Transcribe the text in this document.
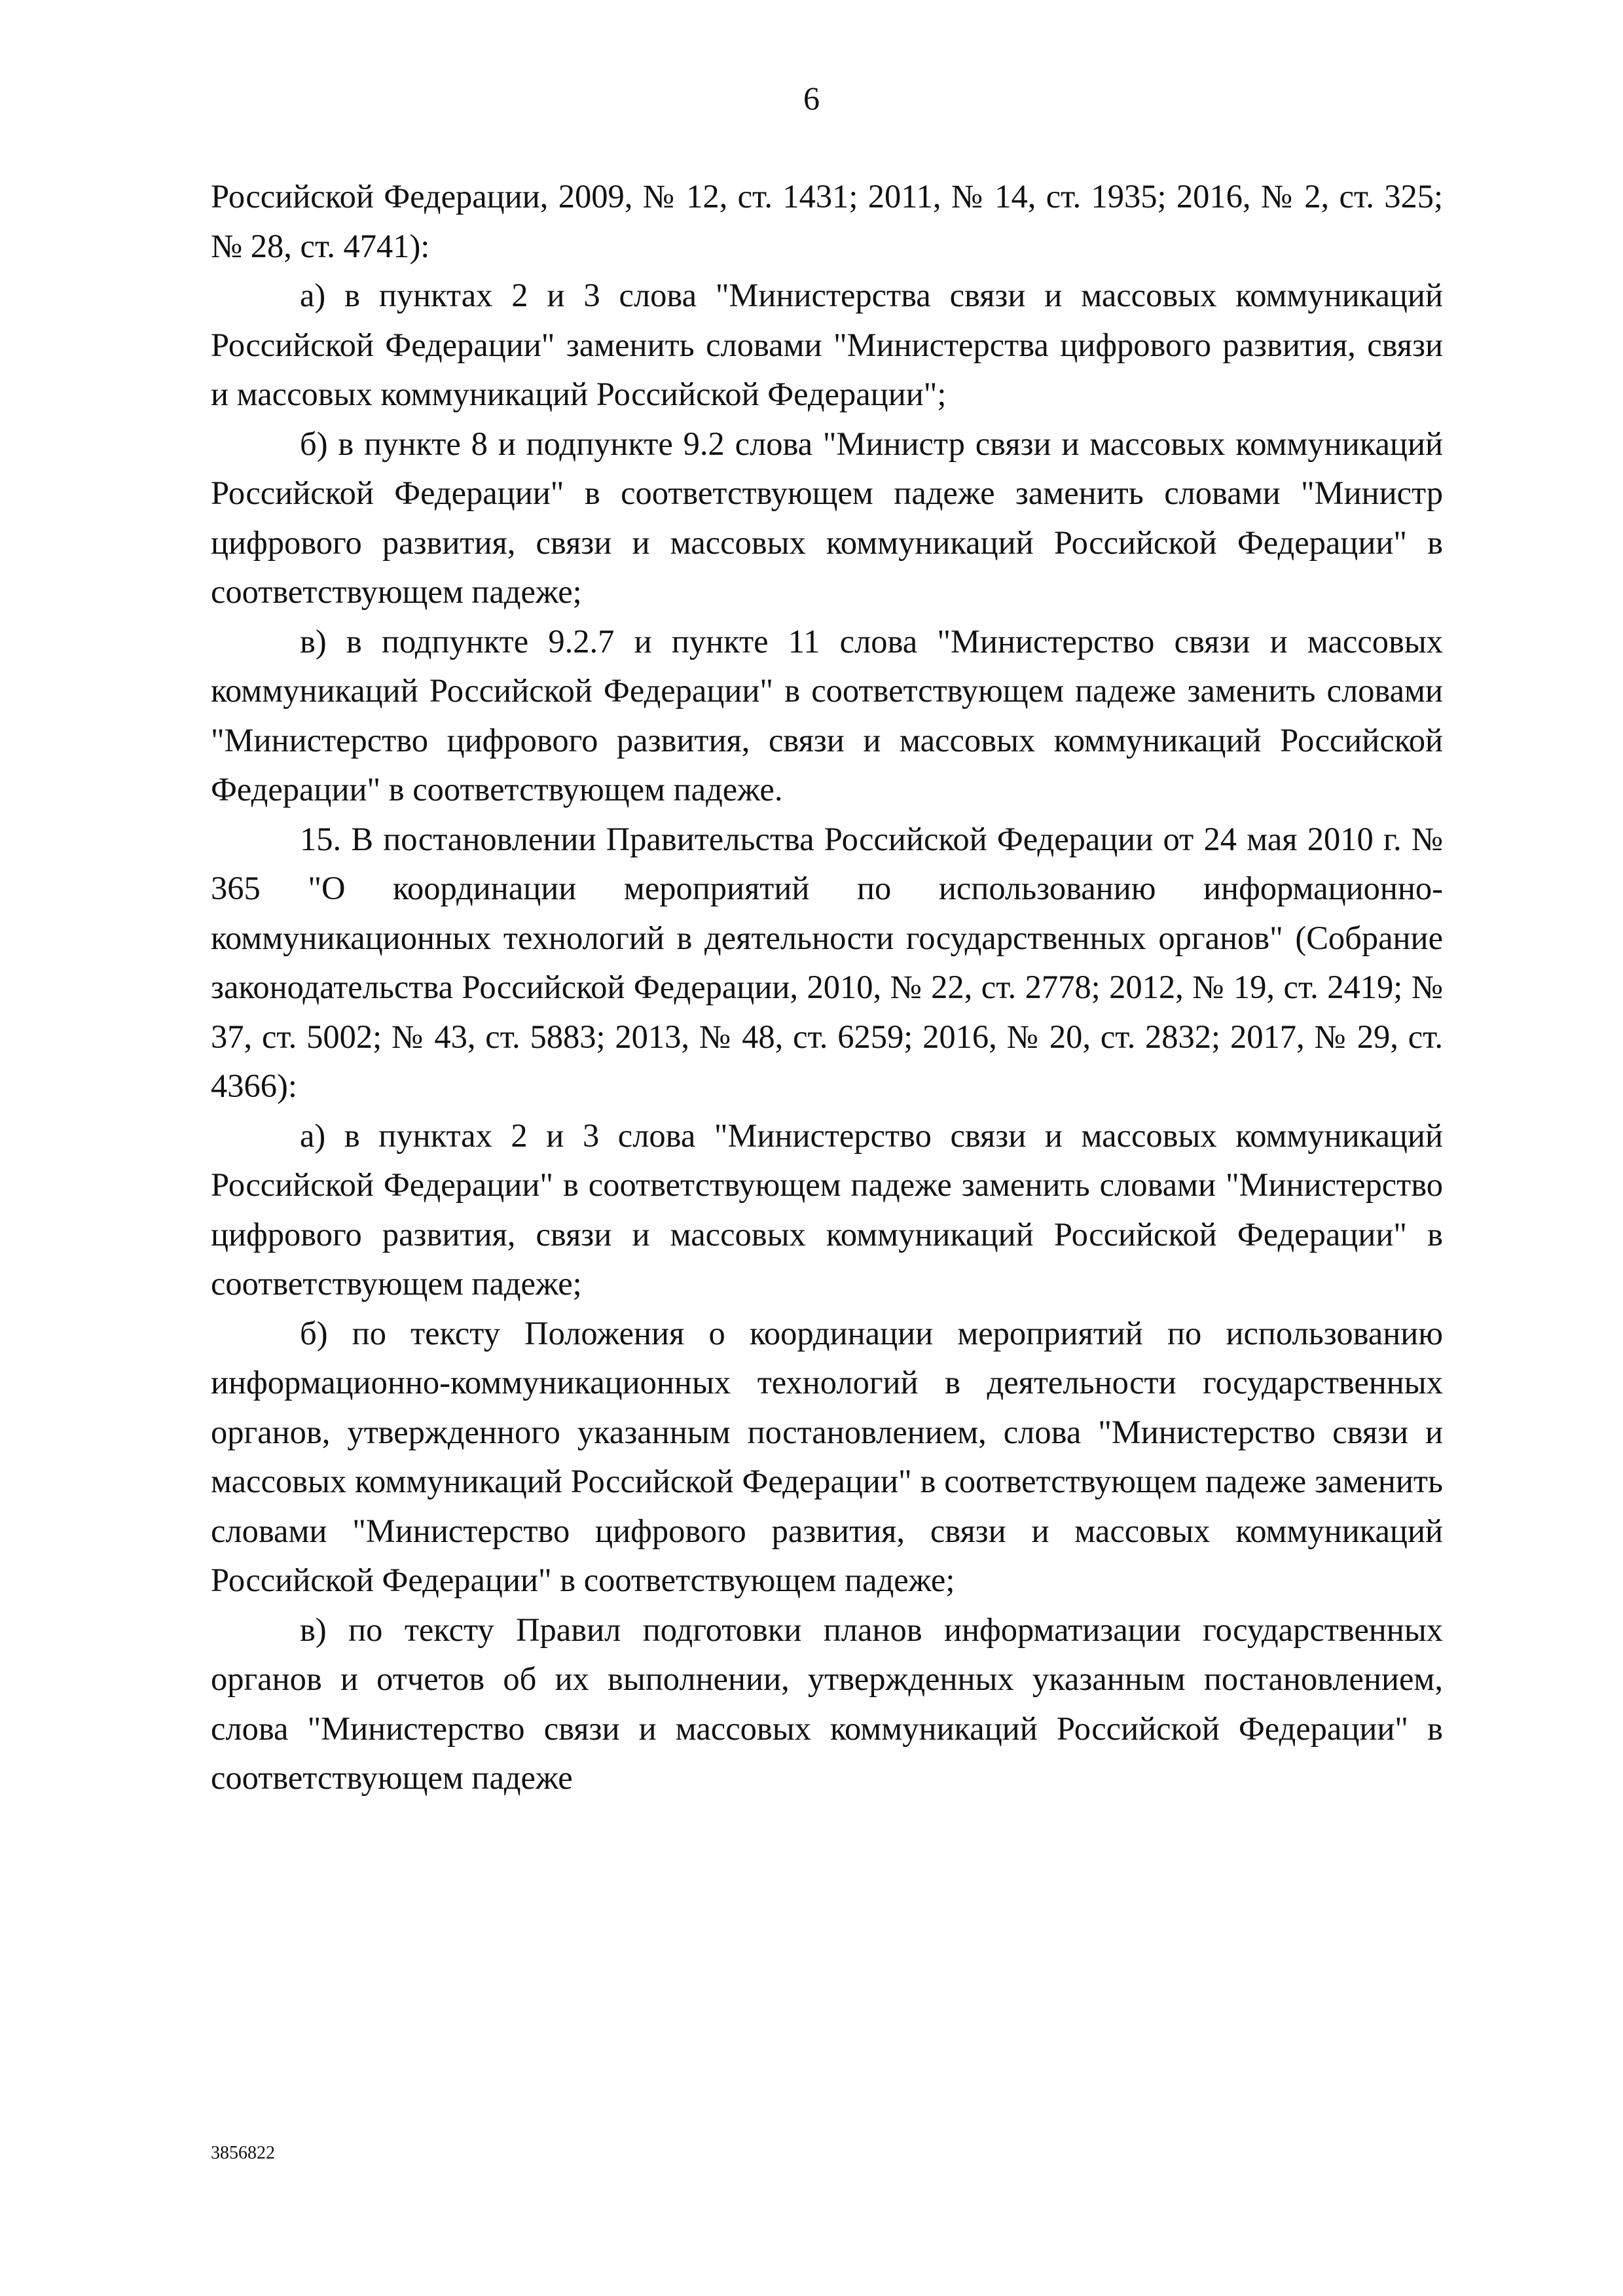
6

Российской Федерации, 2009, № 12, ст. 1431; 2011, № 14, ст. 1935; 2016, № 2, ст. 325; № 28, ст. 4741):

а) в пунктах 2 и 3 слова "Министерства связи и массовых коммуникаций Российской Федерации" заменить словами "Министерства цифрового развития, связи и массовых коммуникаций Российской Федерации";

б) в пункте 8 и подпункте 9.2 слова "Министр связи и массовых коммуникаций Российской Федерации" в соответствующем падеже заменить словами "Министр цифрового развития, связи и массовых коммуникаций Российской Федерации" в соответствующем падеже;

в) в подпункте 9.2.7 и пункте 11 слова "Министерство связи и массовых коммуникаций Российской Федерации" в соответствующем падеже заменить словами "Министерство цифрового развития, связи и массовых коммуникаций Российской Федерации" в соответствующем падеже.

15. В постановлении Правительства Российской Федерации от 24 мая 2010 г. № 365 "О координации мероприятий по использованию информационно-коммуникационных технологий в деятельности государственных органов" (Собрание законодательства Российской Федерации, 2010, № 22, ст. 2778; 2012, № 19, ст. 2419; № 37, ст. 5002; № 43, ст. 5883; 2013, № 48, ст. 6259; 2016, № 20, ст. 2832; 2017, № 29, ст. 4366):

а) в пунктах 2 и 3 слова "Министерство связи и массовых коммуникаций Российской Федерации" в соответствующем падеже заменить словами "Министерство цифрового развития, связи и массовых коммуникаций Российской Федерации" в соответствующем падеже;

б) по тексту Положения о координации мероприятий по использованию информационно-коммуникационных технологий в деятельности государственных органов, утвержденного указанным постановлением, слова "Министерство связи и массовых коммуникаций Российской Федерации" в соответствующем падеже заменить словами "Министерство цифрового развития, связи и массовых коммуникаций Российской Федерации" в соответствующем падеже;

в) по тексту Правил подготовки планов информатизации государственных органов и отчетов об их выполнении, утвержденных указанным постановлением, слова "Министерство связи и массовых коммуникаций Российской Федерации" в соответствующем падеже

3856822
